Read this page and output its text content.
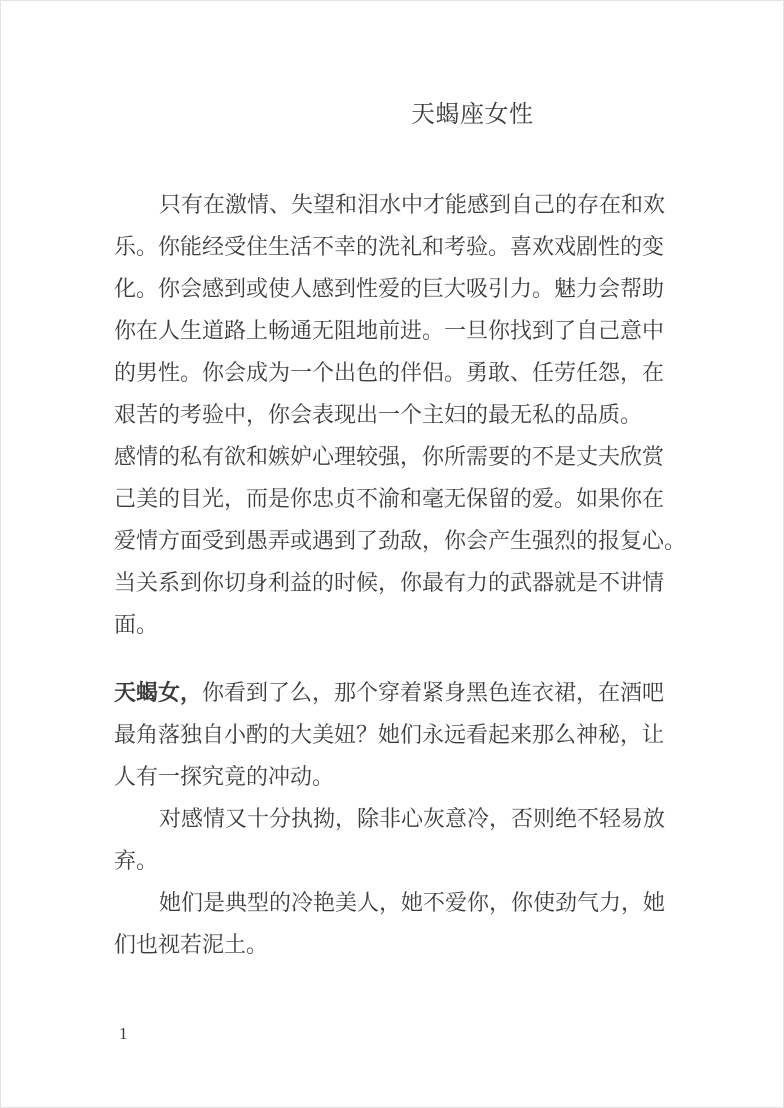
天蝎座女性
只有在激情、失望和泪水中才能感到自己的存在和欢
乐。你能经受住生活不幸的洗礼和考验。喜欢戏剧性的变
化。你会感到或使人感到性爱的巨大吸引力。魅力会帮助
你在人生道路上畅通无阻地前进。一旦你找到了自己意中
的男性。你会成为一个出色的伴侣。勇敢、任劳任怨，在
艰苦的考验中，你会表现出一个主妇的最无私的品质。
感情的私有欲和嫉妒心理较强，你所需要的不是丈夫欣赏
己美的目光，而是你忠贞不渝和毫无保留的爱。如果你在
爱情方面受到愚弄或遇到了劲敌，你会产生强烈的报复心。
当关系到你切身利益的时候，你最有力的武器就是不讲情
面。
天蝎女，你看到了么，那个穿着紧身黑色连衣裙，在酒吧
最角落独自小酌的大美妞？她们永远看起来那么神秘，让
人有一探究竟的冲动。
对感情又十分执拗，除非心灰意冷，否则绝不轻易放
弃。
她们是典型的冷艳美人，她不爱你，你使劲气力，她
们也视若泥土。
1
